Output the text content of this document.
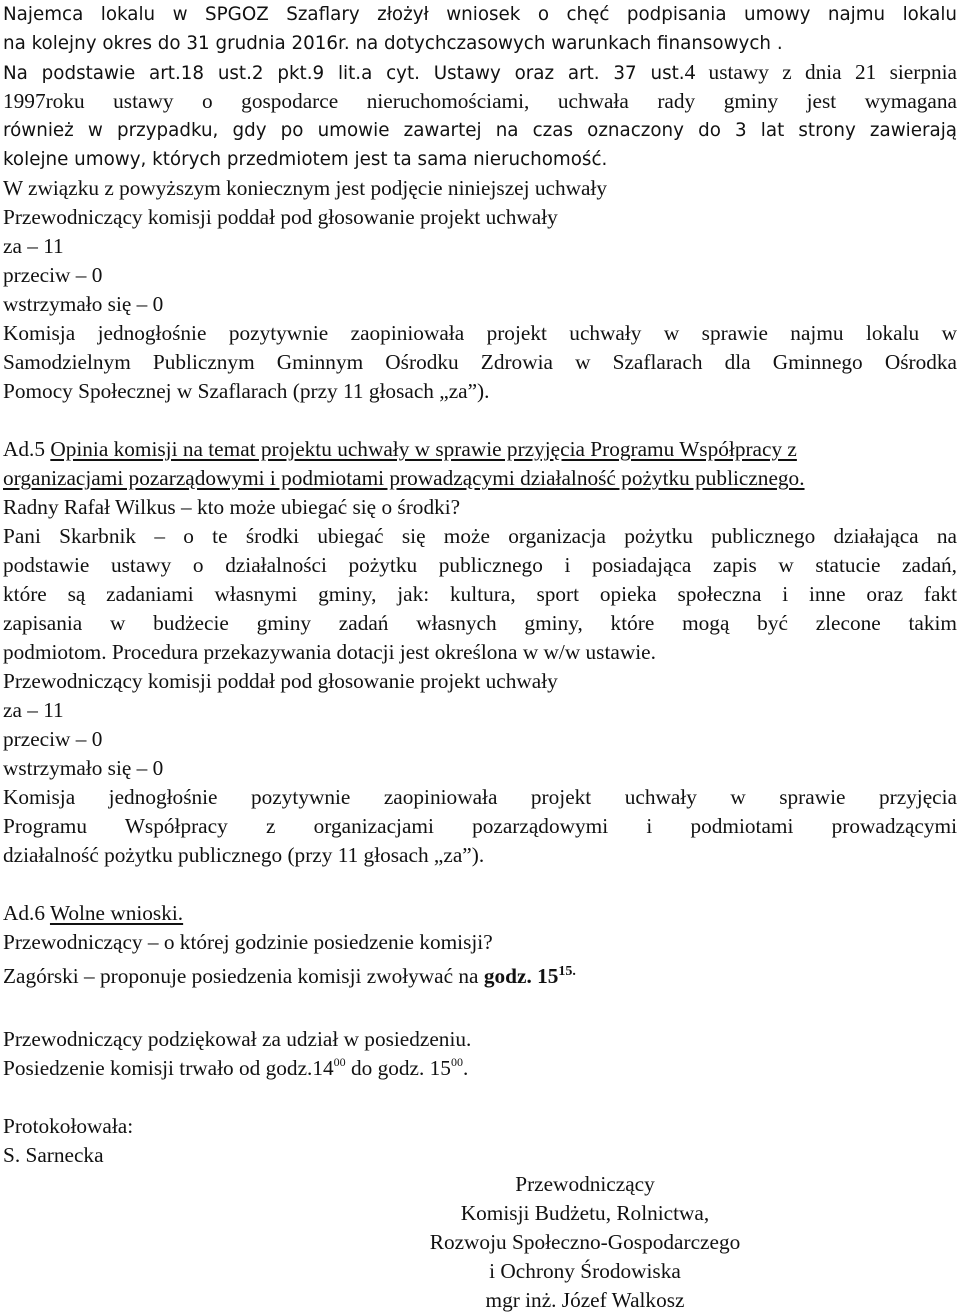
Najemca lokalu w SPGOZ Szaflary złożył wniosek o chęć podpisania umowy najmu lokalu
na kolejny okres do 31 grudnia 2016r. na dotychczasowych warunkach finansowych .
Na podstawie art.18 ust.2 pkt.9 lit.a cyt. Ustawy oraz art. 37 ust.4 ustawy z dnia 21 sierpnia
1997roku ustawy o gospodarce nieruchomościami, uchwała rady gminy jest wymagana
również w przypadku, gdy po umowie zawartej na czas oznaczony do 3 lat strony zawierają
kolejne umowy, których przedmiotem jest ta sama nieruchomość.
W związku z powyższym koniecznym jest podjęcie niniejszej uchwały
Przewodniczący komisji poddał pod głosowanie projekt uchwały
za – 11
przeciw – 0
wstrzymało się – 0
Komisja jednogłośnie pozytywnie zaopiniowała projekt uchwały w sprawie najmu lokalu w
Samodzielnym Publicznym Gminnym Ośrodku Zdrowia w Szaflarach dla Gminnego Ośrodka
Pomocy Społecznej w Szaflarach (przy 11 głosach „za”).
Ad.5 Opinia komisji na temat projektu uchwały w sprawie przyjęcia Programu Współpracy z
organizacjami pozarządowymi i podmiotami prowadzącymi działalność pożytku publicznego.
Radny Rafał Wilkus – kto może ubiegać się o środki?
Pani Skarbnik – o te środki ubiegać się może organizacja pożytku publicznego działająca na
podstawie ustawy o działalności pożytku publicznego i posiadająca zapis w statucie zadań,
które są zadaniami własnymi gminy, jak: kultura, sport opieka społeczna i inne oraz fakt
zapisania w budżecie gminy zadań własnych gminy, które mogą być zlecone takim
podmiotom. Procedura przekazywania dotacji jest określona w w/w ustawie.
Przewodniczący komisji poddał pod głosowanie projekt uchwały
za – 11
przeciw – 0
wstrzymało się – 0
Komisja jednogłośnie pozytywnie zaopiniowała projekt uchwały w sprawie przyjęcia
Programu Współpracy z organizacjami pozarządowymi i podmiotami prowadzącymi
działalność pożytku publicznego (przy 11 głosach „za”).
Ad.6 Wolne wnioski.
Przewodniczący – o której godzinie posiedzenie komisji?
Zagórski – proponuje posiedzenia komisji zwoływać na godz. $15^{15.}$
Przewodniczący podziękował za udział w posiedzeniu.
Posiedzenie komisji trwało od $godz.14^{00}$ do godz. $15^{00}$.
Protokołowała:
S. Sarnecka
Przewodniczący
Komisji Budżetu, Rolnictwa,
Rozwoju Społeczno-Gospodarczego
i Ochrony Środowiska
mgr inż. Józef Walkosz
